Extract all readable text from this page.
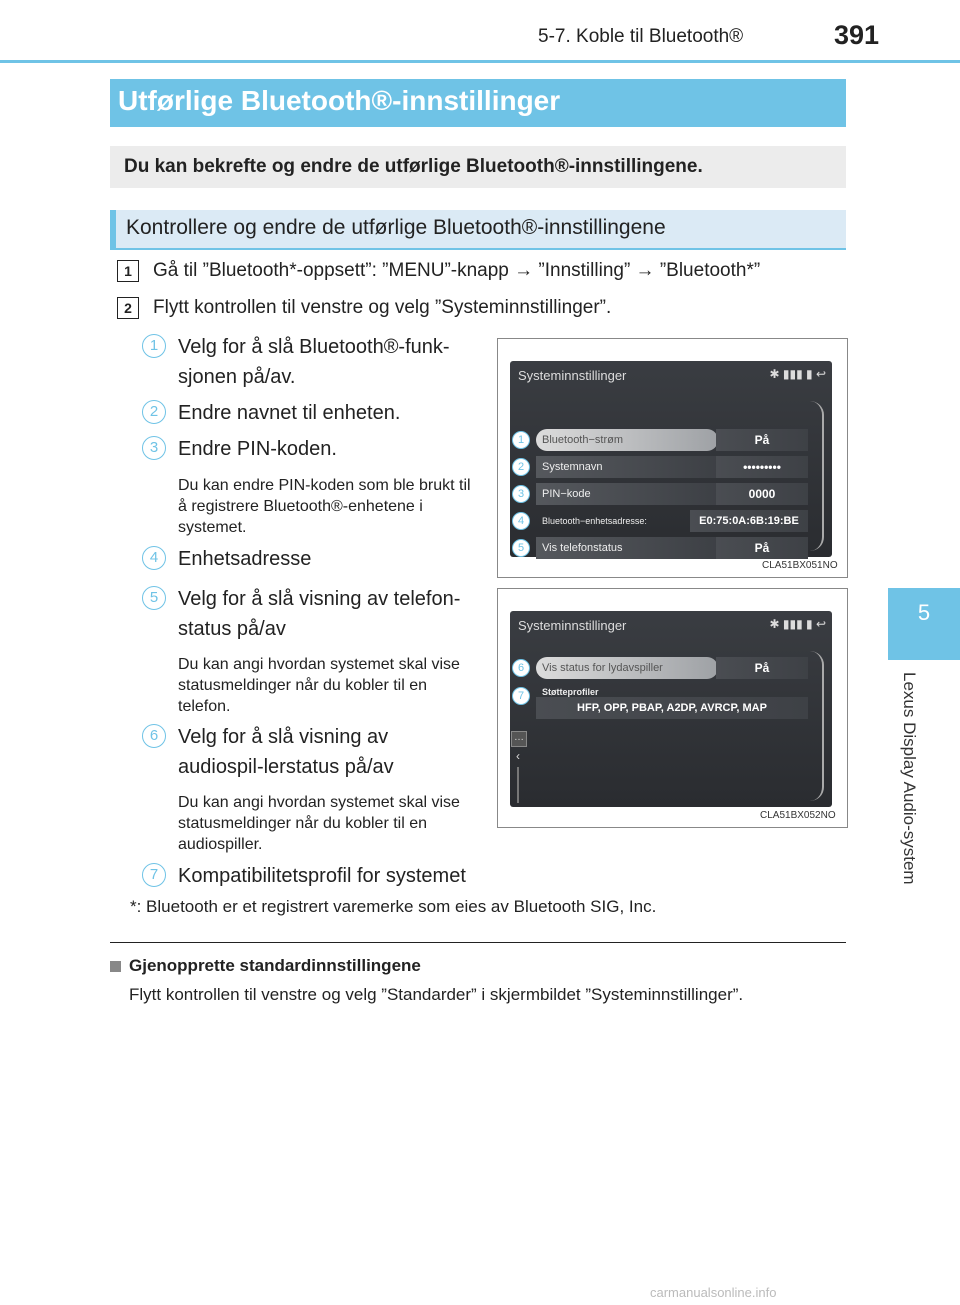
5-7. Koble til Bluetooth®	391
5
Lexus Display Audio-system
Utførlige Bluetooth®-innstillinger
Du kan bekrefte og endre de utførlige Bluetooth®-innstillingene.
Kontrollere og endre de utførlige Bluetooth®-innstillingene
1	Gå til ”Bluetooth*-oppsett”: ”MENU”-knapp → ”Innstilling” → ”Bluetooth*”
2	Flytt kontrollen til venstre og velg ”Systeminnstillinger”.
1 Velg for å slå Bluetooth®-funk-sjonen på/av.
2 Endre navnet til enheten.
3 Endre PIN-koden.
Du kan endre PIN-koden som ble brukt til å registrere Bluetooth®-enhetene i systemet.
4 Enhetsadresse
5 Velg for å slå visning av telefon-status på/av
Du kan angi hvordan systemet skal vise statusmeldinger når du kobler til en telefon.
6 Velg for å slå visning av audiospil-lerstatus på/av
Du kan angi hvordan systemet skal vise statusmeldinger når du kobler til en audiospiller.
7 Kompatibilitetsprofil for systemet
Systeminnstillinger	✱ ▮▮▮ ▮ ↩
1	Bluetooth−strøm	På
2	Systemnavn	•••••••••
3	PIN−kode	0000
4	Bluetooth−enhetsadresse:	E0:75:0A:6B:19:BE
5	Vis telefonstatus	På
CLA51BX051NO
Systeminnstillinger	✱ ▮▮▮ ▮ ↩
6	Vis status for lydavspiller	På
7	Støtteprofiler
HFP, OPP, PBAP, A2DP, AVRCP, MAP
…
‹
CLA51BX052NO
*: Bluetooth er et registrert varemerke som eies av Bluetooth SIG, Inc.
Gjenopprette standardinnstillingene
Flytt kontrollen til venstre og velg ”Standarder” i skjermbildet ”Systeminnstillinger”.
carmanualsonline.info
